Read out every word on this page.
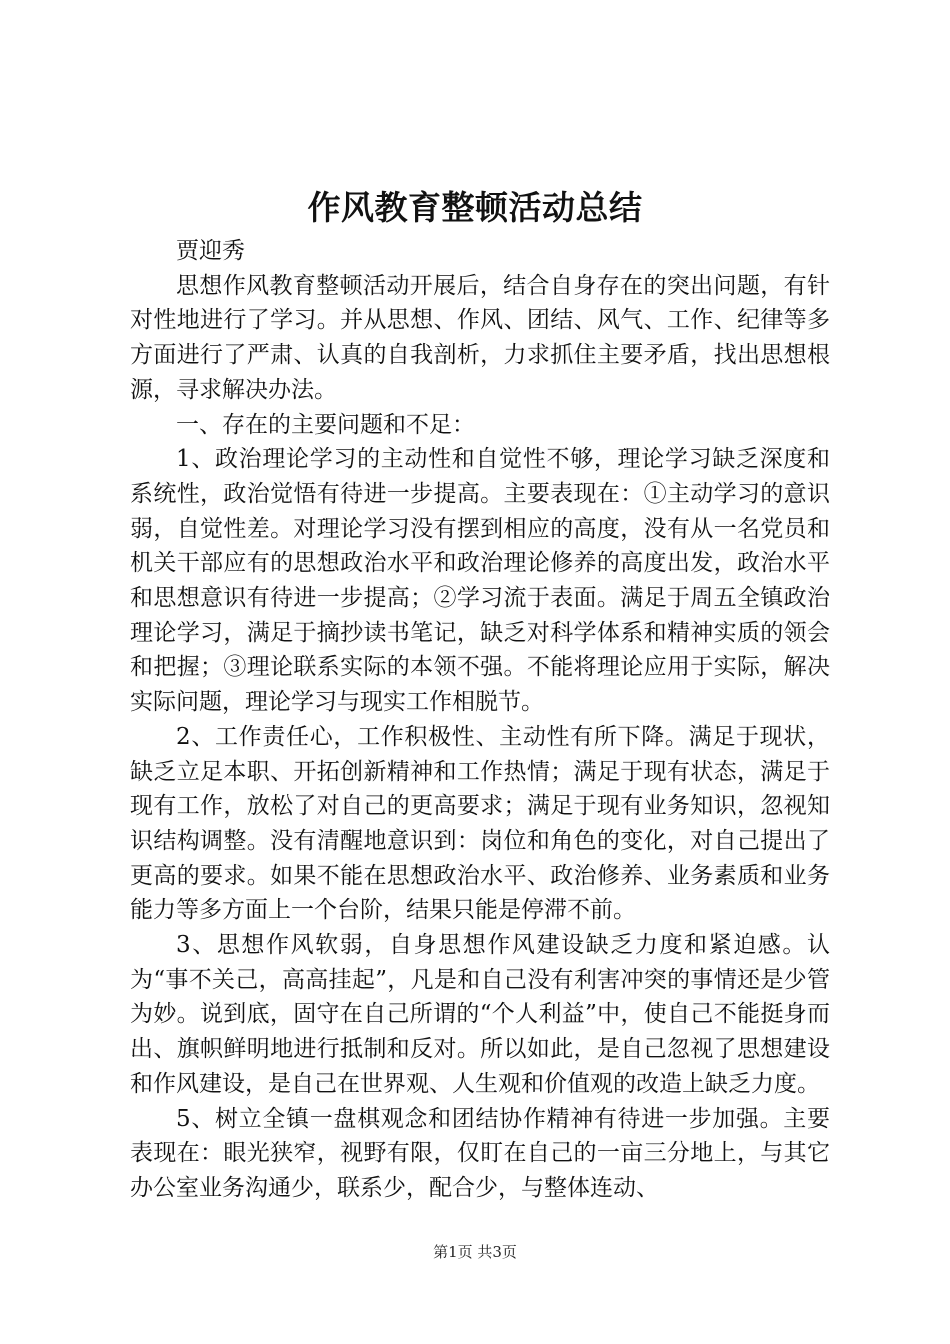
作风教育整顿活动总结

贾迎秀

思想作风教育整顿活动开展后，结合自身存在的突出问题，有针对性地进行了学习。并从思想、作风、团结、风气、工作、纪律等多方面进行了严肃、认真的自我剖析，力求抓住主要矛盾，找出思想根源，寻求解决办法。

一、存在的主要问题和不足：

1、政治理论学习的主动性和自觉性不够，理论学习缺乏深度和系统性，政治觉悟有待进一步提高。主要表现在：①主动学习的意识弱，自觉性差。对理论学习没有摆到相应的高度，没有从一名党员和机关干部应有的思想政治水平和政治理论修养的高度出发，政治水平和思想意识有待进一步提高；②学习流于表面。满足于周五全镇政治理论学习，满足于摘抄读书笔记，缺乏对科学体系和精神实质的领会和把握；③理论联系实际的本领不强。不能将理论应用于实际，解决实际问题，理论学习与现实工作相脱节。

2、工作责任心，工作积极性、主动性有所下降。满足于现状，缺乏立足本职、开拓创新精神和工作热情；满足于现有状态，满足于现有工作，放松了对自己的更高要求；满足于现有业务知识，忽视知识结构调整。没有清醒地意识到：岗位和角色的变化，对自己提出了更高的要求。如果不能在思想政治水平、政治修养、业务素质和业务能力等多方面上一个台阶，结果只能是停滞不前。

3、思想作风软弱，自身思想作风建设缺乏力度和紧迫感。认为“事不关己，高高挂起”，凡是和自己没有利害冲突的事情还是少管为妙。说到底，固守在自己所谓的“个人利益”中，使自己不能挺身而出、旗帜鲜明地进行抵制和反对。所以如此，是自己忽视了思想建设和作风建设，是自己在世界观、人生观和价值观的改造上缺乏力度。

5、树立全镇一盘棋观念和团结协作精神有待进一步加强。主要表现在：眼光狭窄，视野有限，仅盯在自己的一亩三分地上，与其它办公室业务沟通少，联系少，配合少，与整体连动、

第1页 共3页
